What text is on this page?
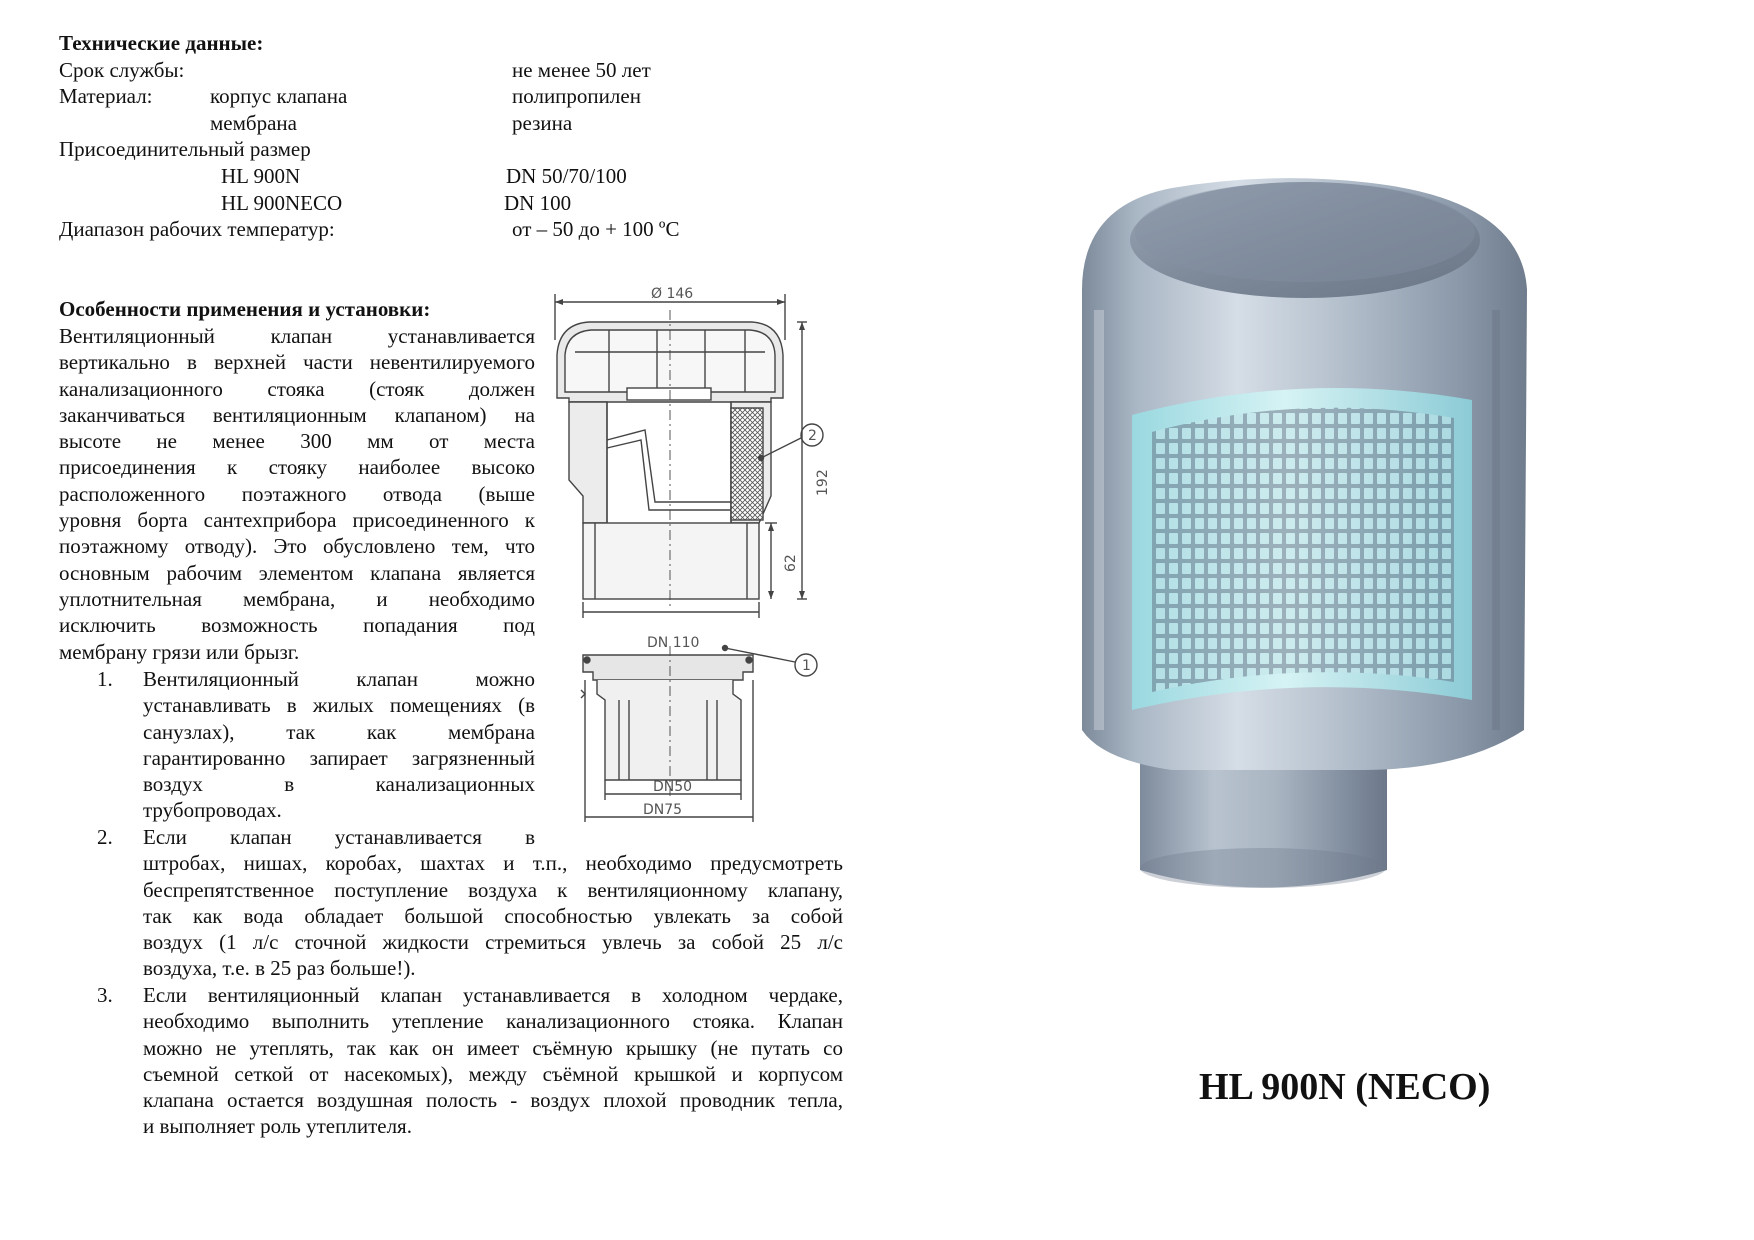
Технические данные:
Срок службы:	не менее 50 лет
Материал:	корпус клапана	полипропилен
мембрана	резина
Присоединительный размер
HL 900N	DN 50/70/100
HL 900NECO	DN 100
Диапазон рабочих температур:	от – 50 до + 100 ºС
Особенности применения и установки:
Вентиляционный клапан устанавливается
вертикально в верхней части невентилируемого
канализационного стояка (стояк должен
заканчиваться вентиляционным клапаном) на
высоте не менее 300 мм от места
присоединения к стояку наиболее высоко
расположенного поэтажного отвода (выше
уровня борта сантехприбора присоединенного к
поэтажному отводу). Это обусловлено тем, что
основным рабочим элементом клапана является
уплотнительная мембрана, и необходимо
исключить возможность попадания под
мембрану грязи или брызг.
1. Вентиляционный клапан можно
устанавливать в жилых помещениях (в
санузлах), так как мембрана
гарантированно запирает загрязненный
воздух в канализационных
трубопроводах.
2. Если клапан устанавливается в
штробах, нишах, коробах, шахтах и т.п., необходимо предусмотреть
беспрепятственное поступление воздуха к вентиляционному клапану,
так как вода обладает большой способностью увлекать за собой
воздух (1 л/с сточной жидкости стремиться увлечь за собой 25 л/с
воздуха, т.е. в 25 раз больше!).
3. Если вентиляционный клапан устанавливается в холодном чердаке,
необходимо выполнить утепление канализационного стояка. Клапан
можно не утеплять, так как он имеет съёмную крышку (не путать со
съемной сеткой от насекомых), между съёмной крышкой и корпусом
клапана остается воздушная полость - воздух плохой проводник тепла,
и выполняет роль утеплителя.
Ø 146
192
62
DN 110
DN50
DN75
2
1
HL 900N (NECO)
